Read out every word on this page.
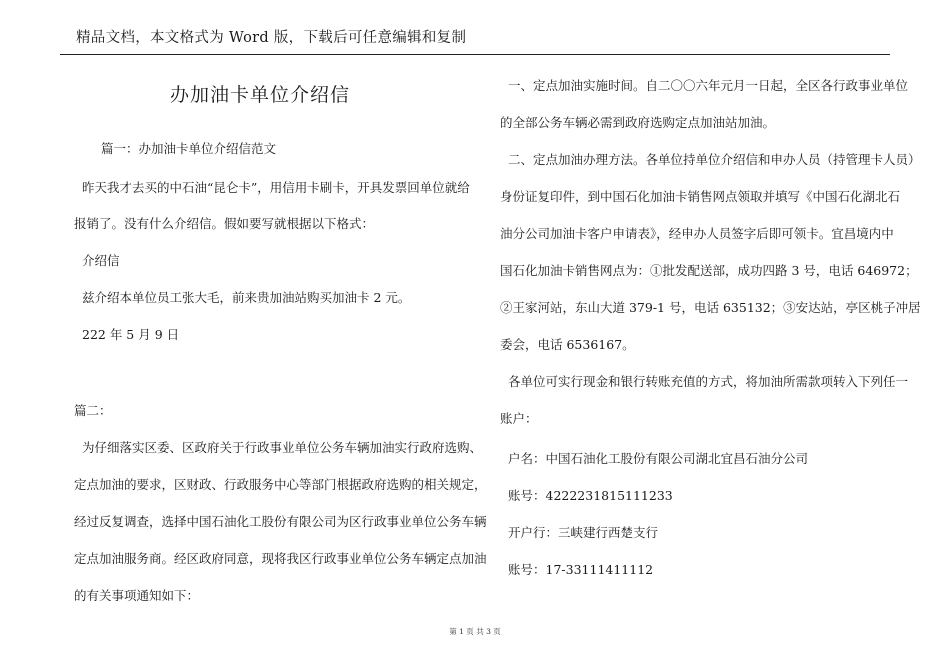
精品文档，本文格式为 Word 版，下载后可任意编辑和复制
办加油卡单位介绍信
篇一：办加油卡单位介绍信范文
昨天我才去买的中石油“昆仑卡”，用信用卡刷卡，开具发票回单位就给
报销了。没有什么介绍信。假如要写就根据以下格式：
介绍信
兹介绍本单位员工张大毛，前来贵加油站购买加油卡 2 元。
222 年 5 月 9 日
篇二：
为仔细落实区委、区政府关于行政事业单位公务车辆加油实行政府选购、
定点加油的要求，区财政、行政服务中心等部门根据政府选购的相关规定，
经过反复调查，选择中国石油化工股份有限公司为区行政事业单位公务车辆
定点加油服务商。经区政府同意，现将我区行政事业单位公务车辆定点加油
的有关事项通知如下：
一、定点加油实施时间。自二〇〇六年元月一日起，全区各行政事业单位
的全部公务车辆必需到政府选购定点加油站加油。
二、定点加油办理方法。各单位持单位介绍信和申办人员（持管理卡人员）
身份证复印件，到中国石化加油卡销售网点领取并填写《中国石化湖北石
油分公司加油卡客户申请表》，经申办人员签字后即可领卡。宜昌境内中
国石化加油卡销售网点为：①批发配送部，成功四路 3 号，电话 646972；
②王家河站，东山大道 379-1 号，电话 635132；③安达站，亭区桃子冲居
委会，电话 6536167。
各单位可实行现金和银行转账充值的方式，将加油所需款项转入下列任一
账户：
户名：中国石油化工股份有限公司湖北宜昌石油分公司
账号：4222231815111233
开户行：三峡建行西楚支行
账号：17-33111411112
第 1 页 共 3 页
